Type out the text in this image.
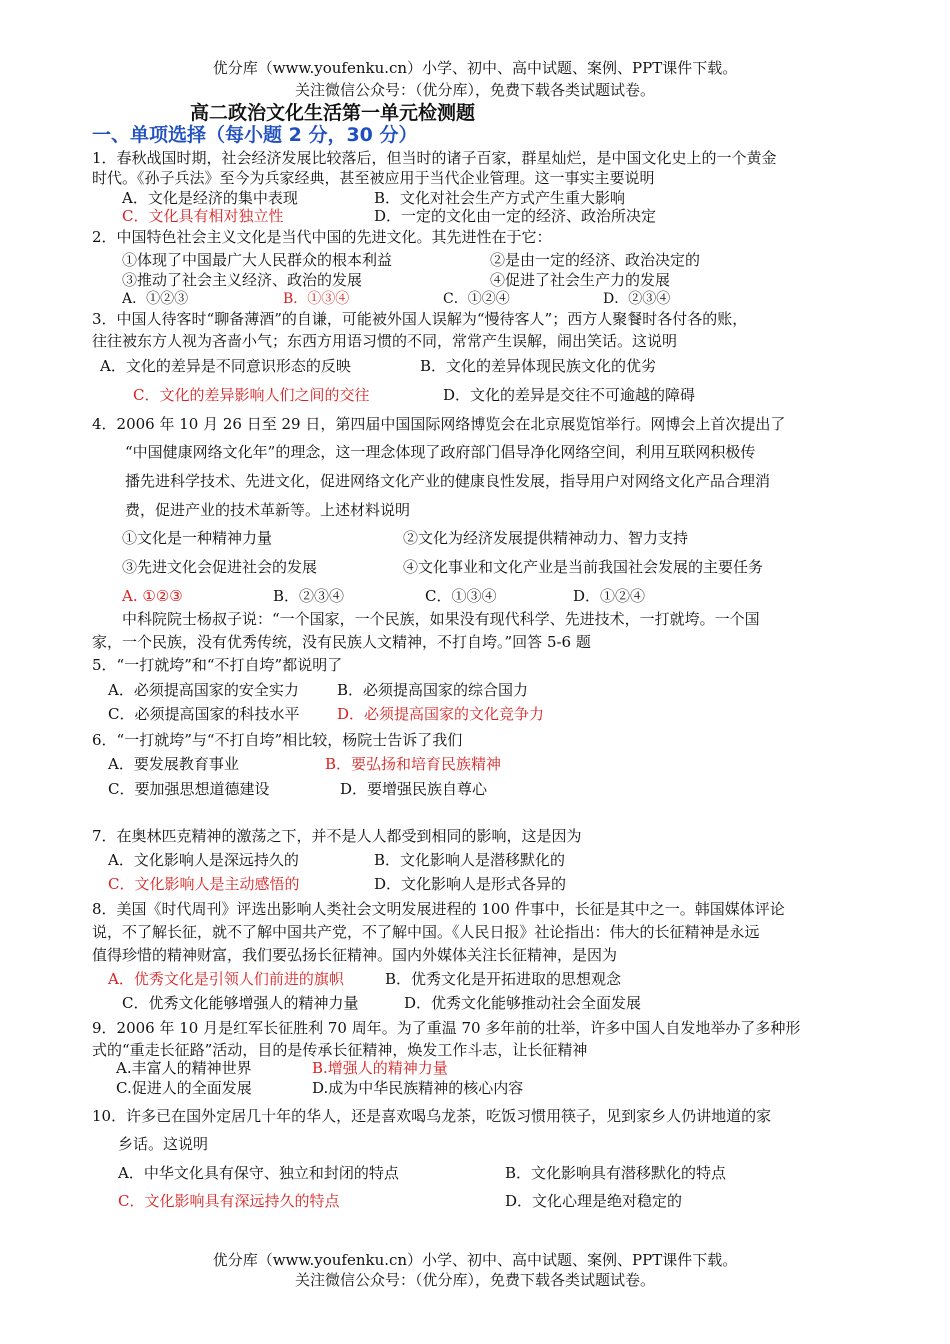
优分库（www.youfenku.cn）小学、初中、高中试题、案例、PPT课件下载。
关注微信公众号：（优分库），免费下载各类试题试卷。
高二政治文化生活第一单元检测题
一、单项选择（每小题 2 分，30 分）
1．春秋战国时期，社会经济发展比较落后，但当时的诸子百家，群星灿烂，是中国文化史上的一个黄金
时代。《孙子兵法》至今为兵家经典，甚至被应用于当代企业管理。这一事实主要说明
A．文化是经济的集中表现	B．文化对社会生产方式产生重大影响
C．文化具有相对独立性	D．一定的文化由一定的经济、政治所决定
2．中国特色社会主义文化是当代中国的先进文化。其先进性在于它：
①体现了中国最广大人民群众的根本利益	②是由一定的经济、政治决定的
③推动了社会主义经济、政治的发展	④促进了社会生产力的发展
A．①②③	B．①③④	C．①②④	D．②③④
3．中国人待客时“聊备薄酒”的自谦，可能被外国人误解为“慢待客人”；西方人聚餐时各付各的账，
往往被东方人视为吝啬小气；东西方用语习惯的不同，常常产生误解，闹出笑话。这说明
A．文化的差异是不同意识形态的反映	B．文化的差异体现民族文化的优劣
C．文化的差异影响人们之间的交往	D．文化的差异是交往不可逾越的障碍
4．2006 年 10 月 26 日至 29 日，第四届中国国际网络博览会在北京展览馆举行。网博会上首次提出了
“中国健康网络文化年”的理念，这一理念体现了政府部门倡导净化网络空间，利用互联网积极传
播先进科学技术、先进文化，促进网络文化产业的健康良性发展，指导用户对网络文化产品合理消
费，促进产业的技术革新等。上述材料说明
①文化是一种精神力量	②文化为经济发展提供精神动力、智力支持
③先进文化会促进社会的发展	④文化事业和文化产业是当前我国社会发展的主要任务
A. ①②③	B．②③④	C．①③④	D．①②④
中科院院士杨叔子说：“一个国家，一个民族，如果没有现代科学、先进技术，一打就垮。一个国
家，一个民族，没有优秀传统，没有民族人文精神，不打自垮。”回答 5-6 题
5．“一打就垮”和“不打自垮”都说明了
A．必须提高国家的安全实力	B．必须提高国家的综合国力
C．必须提高国家的科技水平	D．必须提高国家的文化竞争力
6．“一打就垮”与“不打自垮”相比较，杨院士告诉了我们
A．要发展教育事业	B．要弘扬和培育民族精神
C．要加强思想道德建设	D．要增强民族自尊心
7．在奥林匹克精神的激荡之下，并不是人人都受到相同的影响，这是因为
A．文化影响人是深远持久的	B．文化影响人是潜移默化的
C．文化影响人是主动感悟的	D．文化影响人是形式各异的
8．美国《时代周刊》评选出影响人类社会文明发展进程的 100 件事中，长征是其中之一。韩国媒体评论
说，不了解长征，就不了解中国共产党，不了解中国。《人民日报》社论指出：伟大的长征精神是永远
值得珍惜的精神财富，我们要弘扬长征精神。国内外媒体关注长征精神，是因为
A．优秀文化是引领人们前进的旗帜	B．优秀文化是开拓进取的思想观念
C．优秀文化能够增强人的精神力量	D．优秀文化能够推动社会全面发展
9．2006 年 10 月是红军长征胜利 70 周年。为了重温 70 多年前的壮举，许多中国人自发地举办了多种形
式的“重走长征路”活动，目的是传承长征精神，焕发工作斗志，让长征精神
A.丰富人的精神世界	B.增强人的精神力量
C.促进人的全面发展	D.成为中华民族精神的核心内容
10．许多已在国外定居几十年的华人，还是喜欢喝乌龙茶，吃饭习惯用筷子，见到家乡人仍讲地道的家
乡话。这说明
A．中华文化具有保守、独立和封闭的特点	B．文化影响具有潜移默化的特点
C．文化影响具有深远持久的特点	D．文化心理是绝对稳定的
优分库（www.youfenku.cn）小学、初中、高中试题、案例、PPT课件下载。
关注微信公众号：（优分库），免费下载各类试题试卷。
